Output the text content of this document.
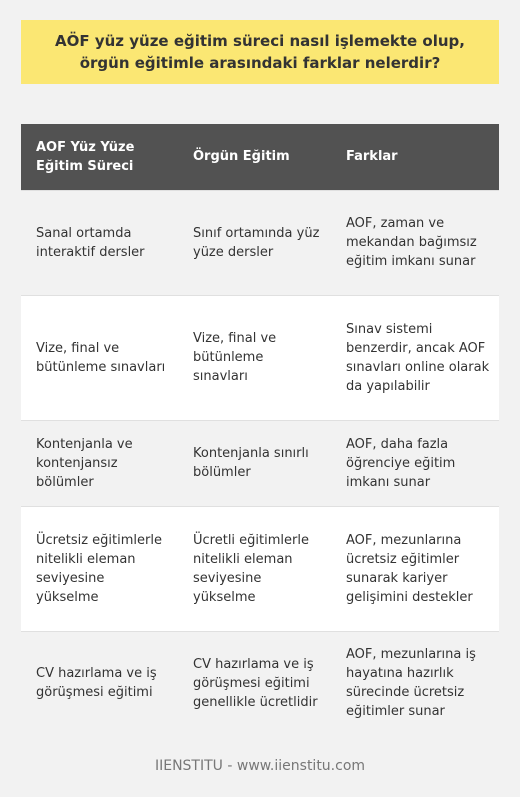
AÖF yüz yüze eğitim süreci nasıl işlemekte olup, örgün eğitimle arasındaki farklar nelerdir?
AOF Yüz Yüze Eğitim Süreci	Örgün Eğitim	Farklar
Sanal ortamda interaktif dersler	Sınıf ortamında yüz yüze dersler	AOF, zaman ve mekandan bağımsız eğitim imkanı sunar
Vize, final ve bütünleme sınavları	Vize, final ve bütünleme sınavları	Sınav sistemi benzerdir, ancak AOF sınavları online olarak da yapılabilir
Kontenjanla ve kontenjansız bölümler	Kontenjanla sınırlı bölümler	AOF, daha fazla öğrenciye eğitim imkanı sunar
Ücretsiz eğitimlerle nitelikli eleman seviyesine yükselme	Ücretli eğitimlerle nitelikli eleman seviyesine yükselme	AOF, mezunlarına ücretsiz eğitimler sunarak kariyer gelişimini destekler
CV hazırlama ve iş görüşmesi eğitimi	CV hazırlama ve iş görüşmesi eğitimi genellikle ücretlidir	AOF, mezunlarına iş hayatına hazırlık sürecinde ücretsiz eğitimler sunar
IIENSTITU - www.iienstitu.com
